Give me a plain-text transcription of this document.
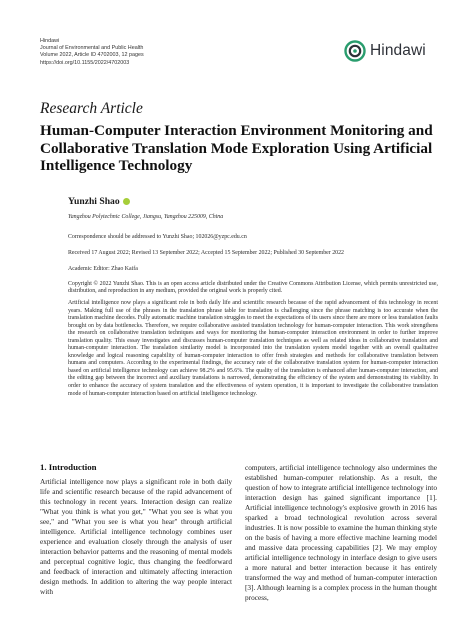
Hindawi
Journal of Environmental and Public Health
Volume 2022, Article ID 4702003, 12 pages
https://doi.org/10.1155/2022/4702003
Hindawi
Research Article
Human-Computer Interaction Environment Monitoring and Collaborative Translation Mode Exploration Using Artificial Intelligence Technology
Yunzhi Shao
Yangzhou Polytechnic College, Jiangsu, Yangzhou 225009, China
Correspondence should be addressed to Yunzhi Shao; 102026@yzpc.edu.cn
Received 17 August 2022; Revised 13 September 2022; Accepted 15 September 2022; Published 30 September 2022
Academic Editor: Zhao Kaifa

Copyright © 2022 Yunzhi Shao. This is an open access article distributed under the Creative Commons Attribution License, which permits unrestricted use, distribution, and reproduction in any medium, provided the original work is properly cited.

Artificial intelligence now plays a significant role in both daily life and scientific research because of the rapid advancement of this technology in recent years. Making full use of the phrases in the translation phrase table for translation is challenging since the phrase matching is too accurate when the translation machine decodes. Fully automatic machine translation struggles to meet the expectations of its users since there are more or less translation faults brought on by data bottlenecks. Therefore, we require collaborative assisted translation technology for human-computer interaction. This work strengthens the research on collaborative translation techniques and ways for monitoring the human-computer interaction environment in order to further improve translation quality. This essay investigates and discusses human-computer translation techniques as well as related ideas in collaborative translation and human-computer interaction. The translation similarity model is incorporated into the translation system model together with an overall qualitative knowledge and logical reasoning capability of human-computer interaction to offer fresh strategies and methods for collaborative translation between humans and computers. According to the experimental findings, the accuracy rate of the collaborative translation system for human-computer interaction based on artificial intelligence technology can achieve 98.2% and 95.6%. The quality of the translation is enhanced after human-computer interaction, and the editing gap between the incorrect and auxiliary translations is narrowed, demonstrating the efficiency of the system and demonstrating its viability. In order to enhance the accuracy of system translation and the effectiveness of system operation, it is important to investigate the collaborative translation mode of human-computer interaction based on artificial intelligence technology.

1. Introduction

Artificial intelligence now plays a significant role in both daily life and scientific research because of the rapid advancement of this technology in recent years. Interaction design can realize "What you think is what you get," "What you see is what you see," and "What you see is what you hear" through artificial intelligence. Artificial intelligence technology combines user experience and evaluation closely through the analysis of user interaction behavior patterns and the reasoning of mental models and perceptual cognitive logic, thus changing the feedforward and feedback of interaction and ultimately affecting interaction design methods. In addition to altering the way people interact with

computers, artificial intelligence technology also undermines the established human-computer relationship. As a result, the question of how to integrate artificial intelligence technology into interaction design has gained significant importance [1]. Artificial intelligence technology's explosive growth in 2016 has sparked a broad technological revolution across several industries. It is now possible to examine the human thinking style on the basis of having a more effective machine learning model and massive data processing capabilities [2]. We may employ artificial intelligence technology in interface design to give users a more natural and better interaction because it has entirely transformed the way and method of human-computer interaction [3]. Although learning is a complex process in the human thought process,
